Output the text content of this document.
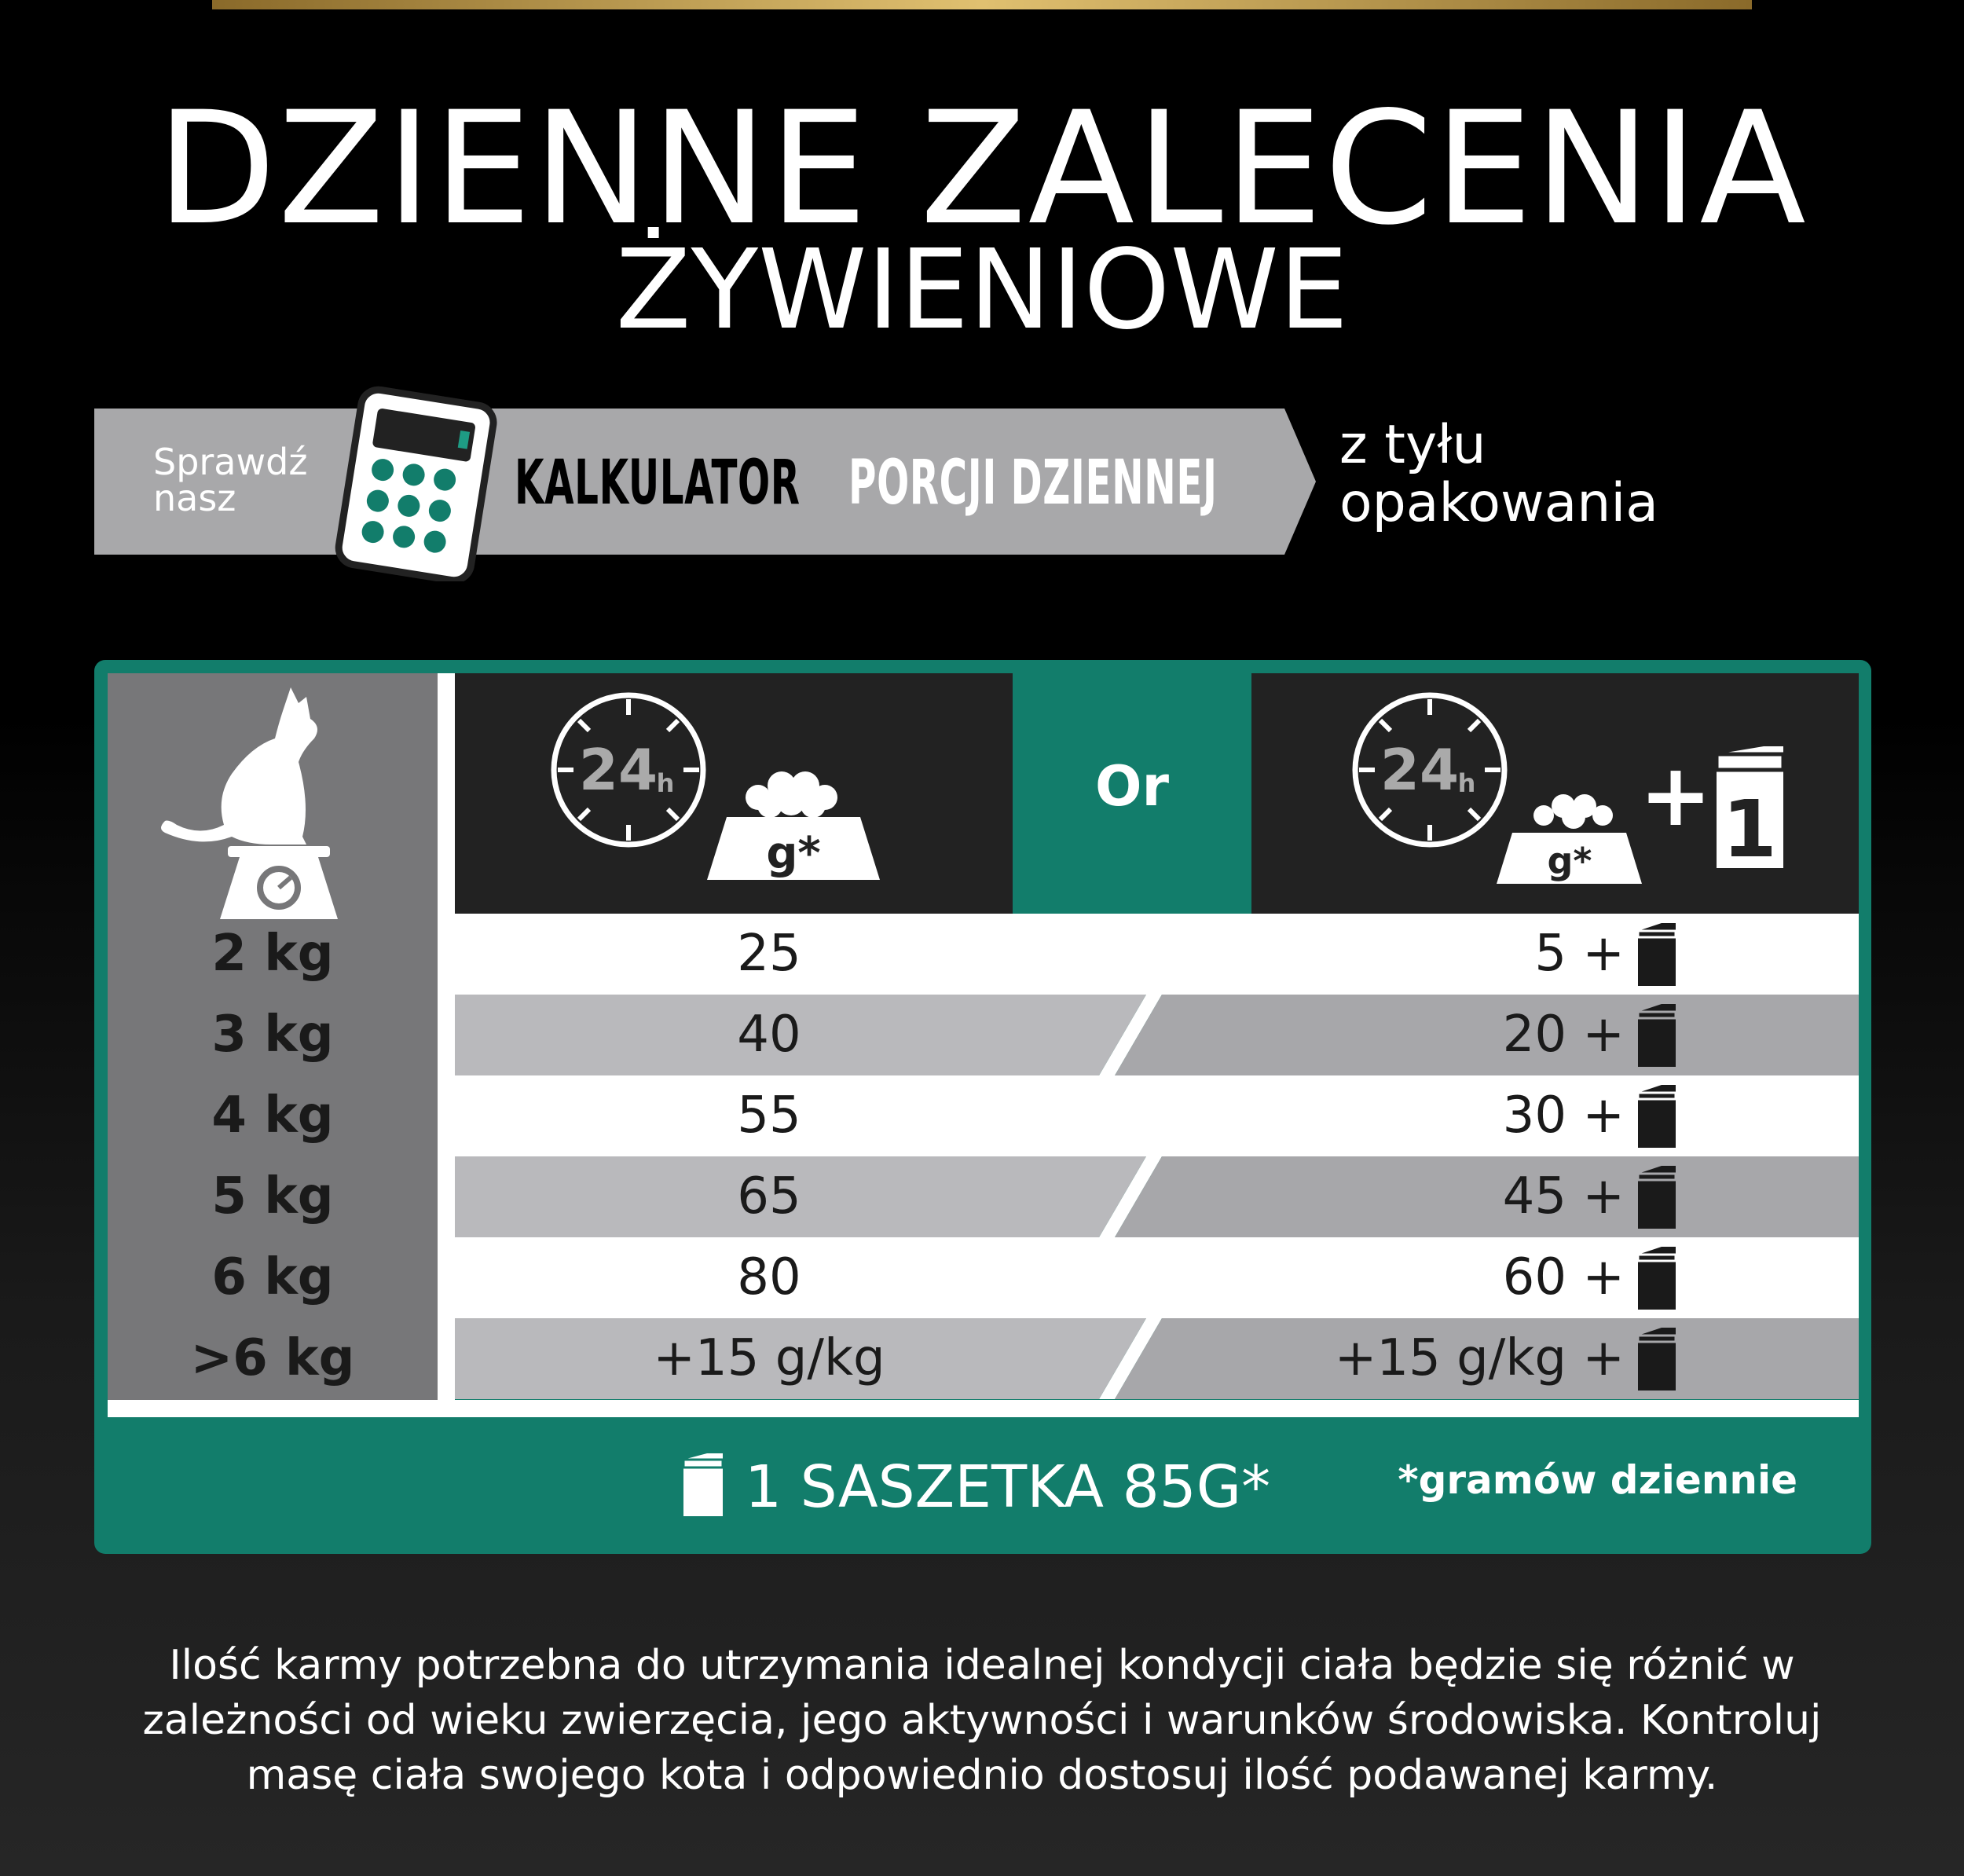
DZIENNE ZALECENIA
ŻYWIENIOWE
Sprawdź nasz	KALKULATOR PORCJI DZIENNEJ
z tyłu
opakowania
Or
24
h
g*
24
h
g*
+ 1
2 kg	25	5 +
3 kg	40	20 +
4 kg	55	30 +
5 kg	65	45 +
6 kg	80	60 +
>6 kg	+15 g/kg	+15 g/kg +
1 SASZETKA 85G*	*gramów dziennie
Ilość karmy potrzebna do utrzymania idealnej kondycji ciała będzie się różnić w
zależności od wieku zwierzęcia, jego aktywności i warunków środowiska. Kontroluj
masę ciała swojego kota i odpowiednio dostosuj ilość podawanej karmy.
